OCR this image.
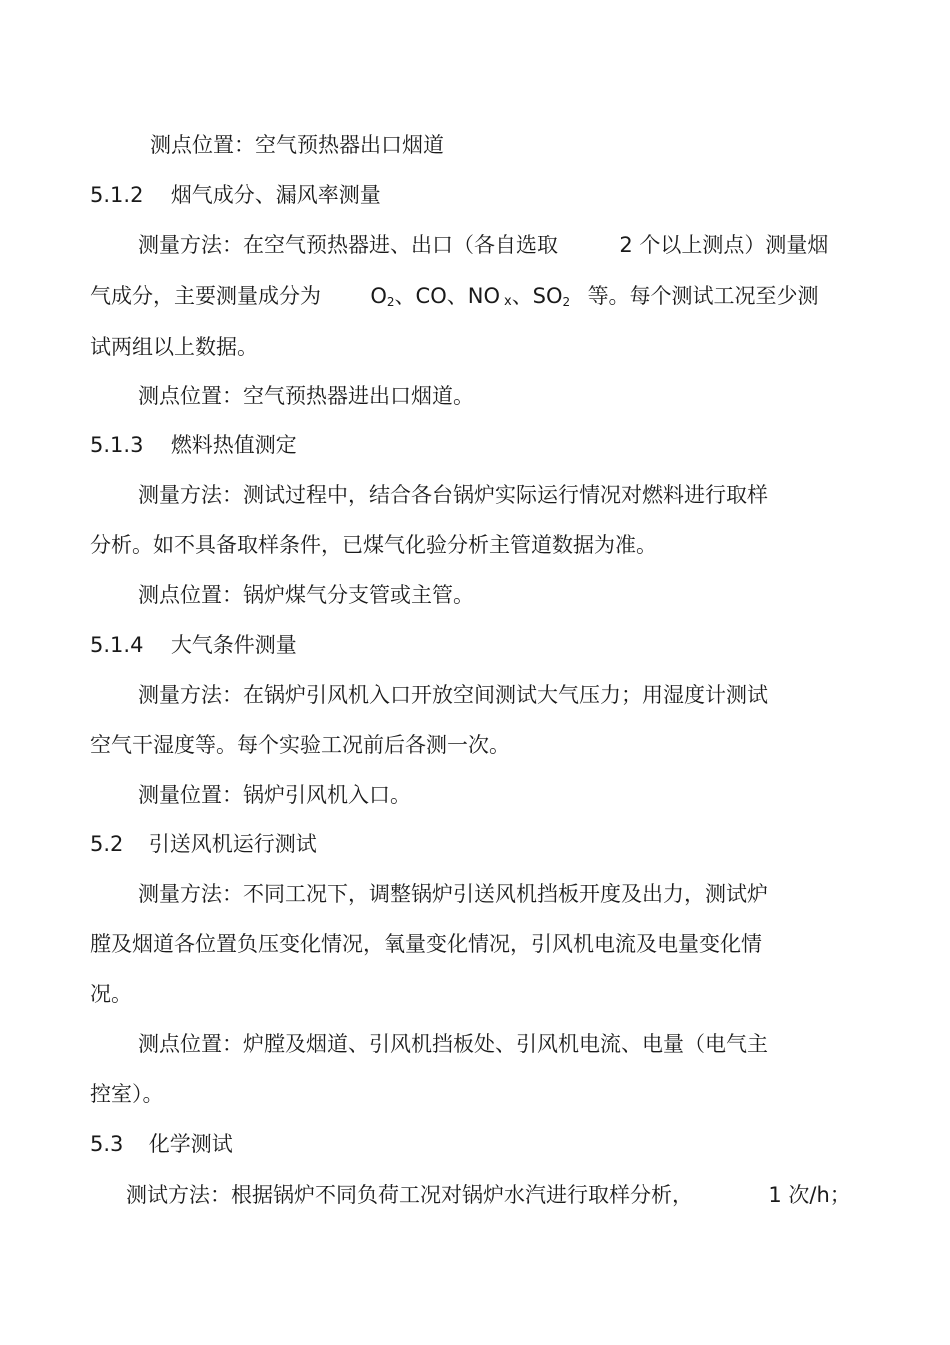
测点位置：空气预热器出口烟道
5.1.2 烟气成分、漏风率测量
测量方法：在空气预热器进、出口（各自选取	2 个以上测点）测量烟
气成分，主要测量成分为 $O_2$、CO、NO x、$SO_2$ 等。每个测试工况至少测
试两组以上数据。
测点位置：空气预热器进出口烟道。
5.1.3 燃料热值测定
测量方法：测试过程中，结合各台锅炉实际运行情况对燃料进行取样
分析。如不具备取样条件，已煤气化验分析主管道数据为准。
测点位置：锅炉煤气分支管或主管。
5.1.4 大气条件测量
测量方法：在锅炉引风机入口开放空间测试大气压力；用湿度计测试
空气干湿度等。每个实验工况前后各测一次。
测量位置：锅炉引风机入口。
5.2 引送风机运行测试
测量方法：不同工况下，调整锅炉引送风机挡板开度及出力，测试炉
膛及烟道各位置负压变化情况，氧量变化情况，引风机电流及电量变化情
况。
测点位置：炉膛及烟道、引风机挡板处、引风机电流、电量（电气主
控室）。
5.3 化学测试
测试方法：根据锅炉不同负荷工况对锅炉水汽进行取样分析，	1 次/h；
